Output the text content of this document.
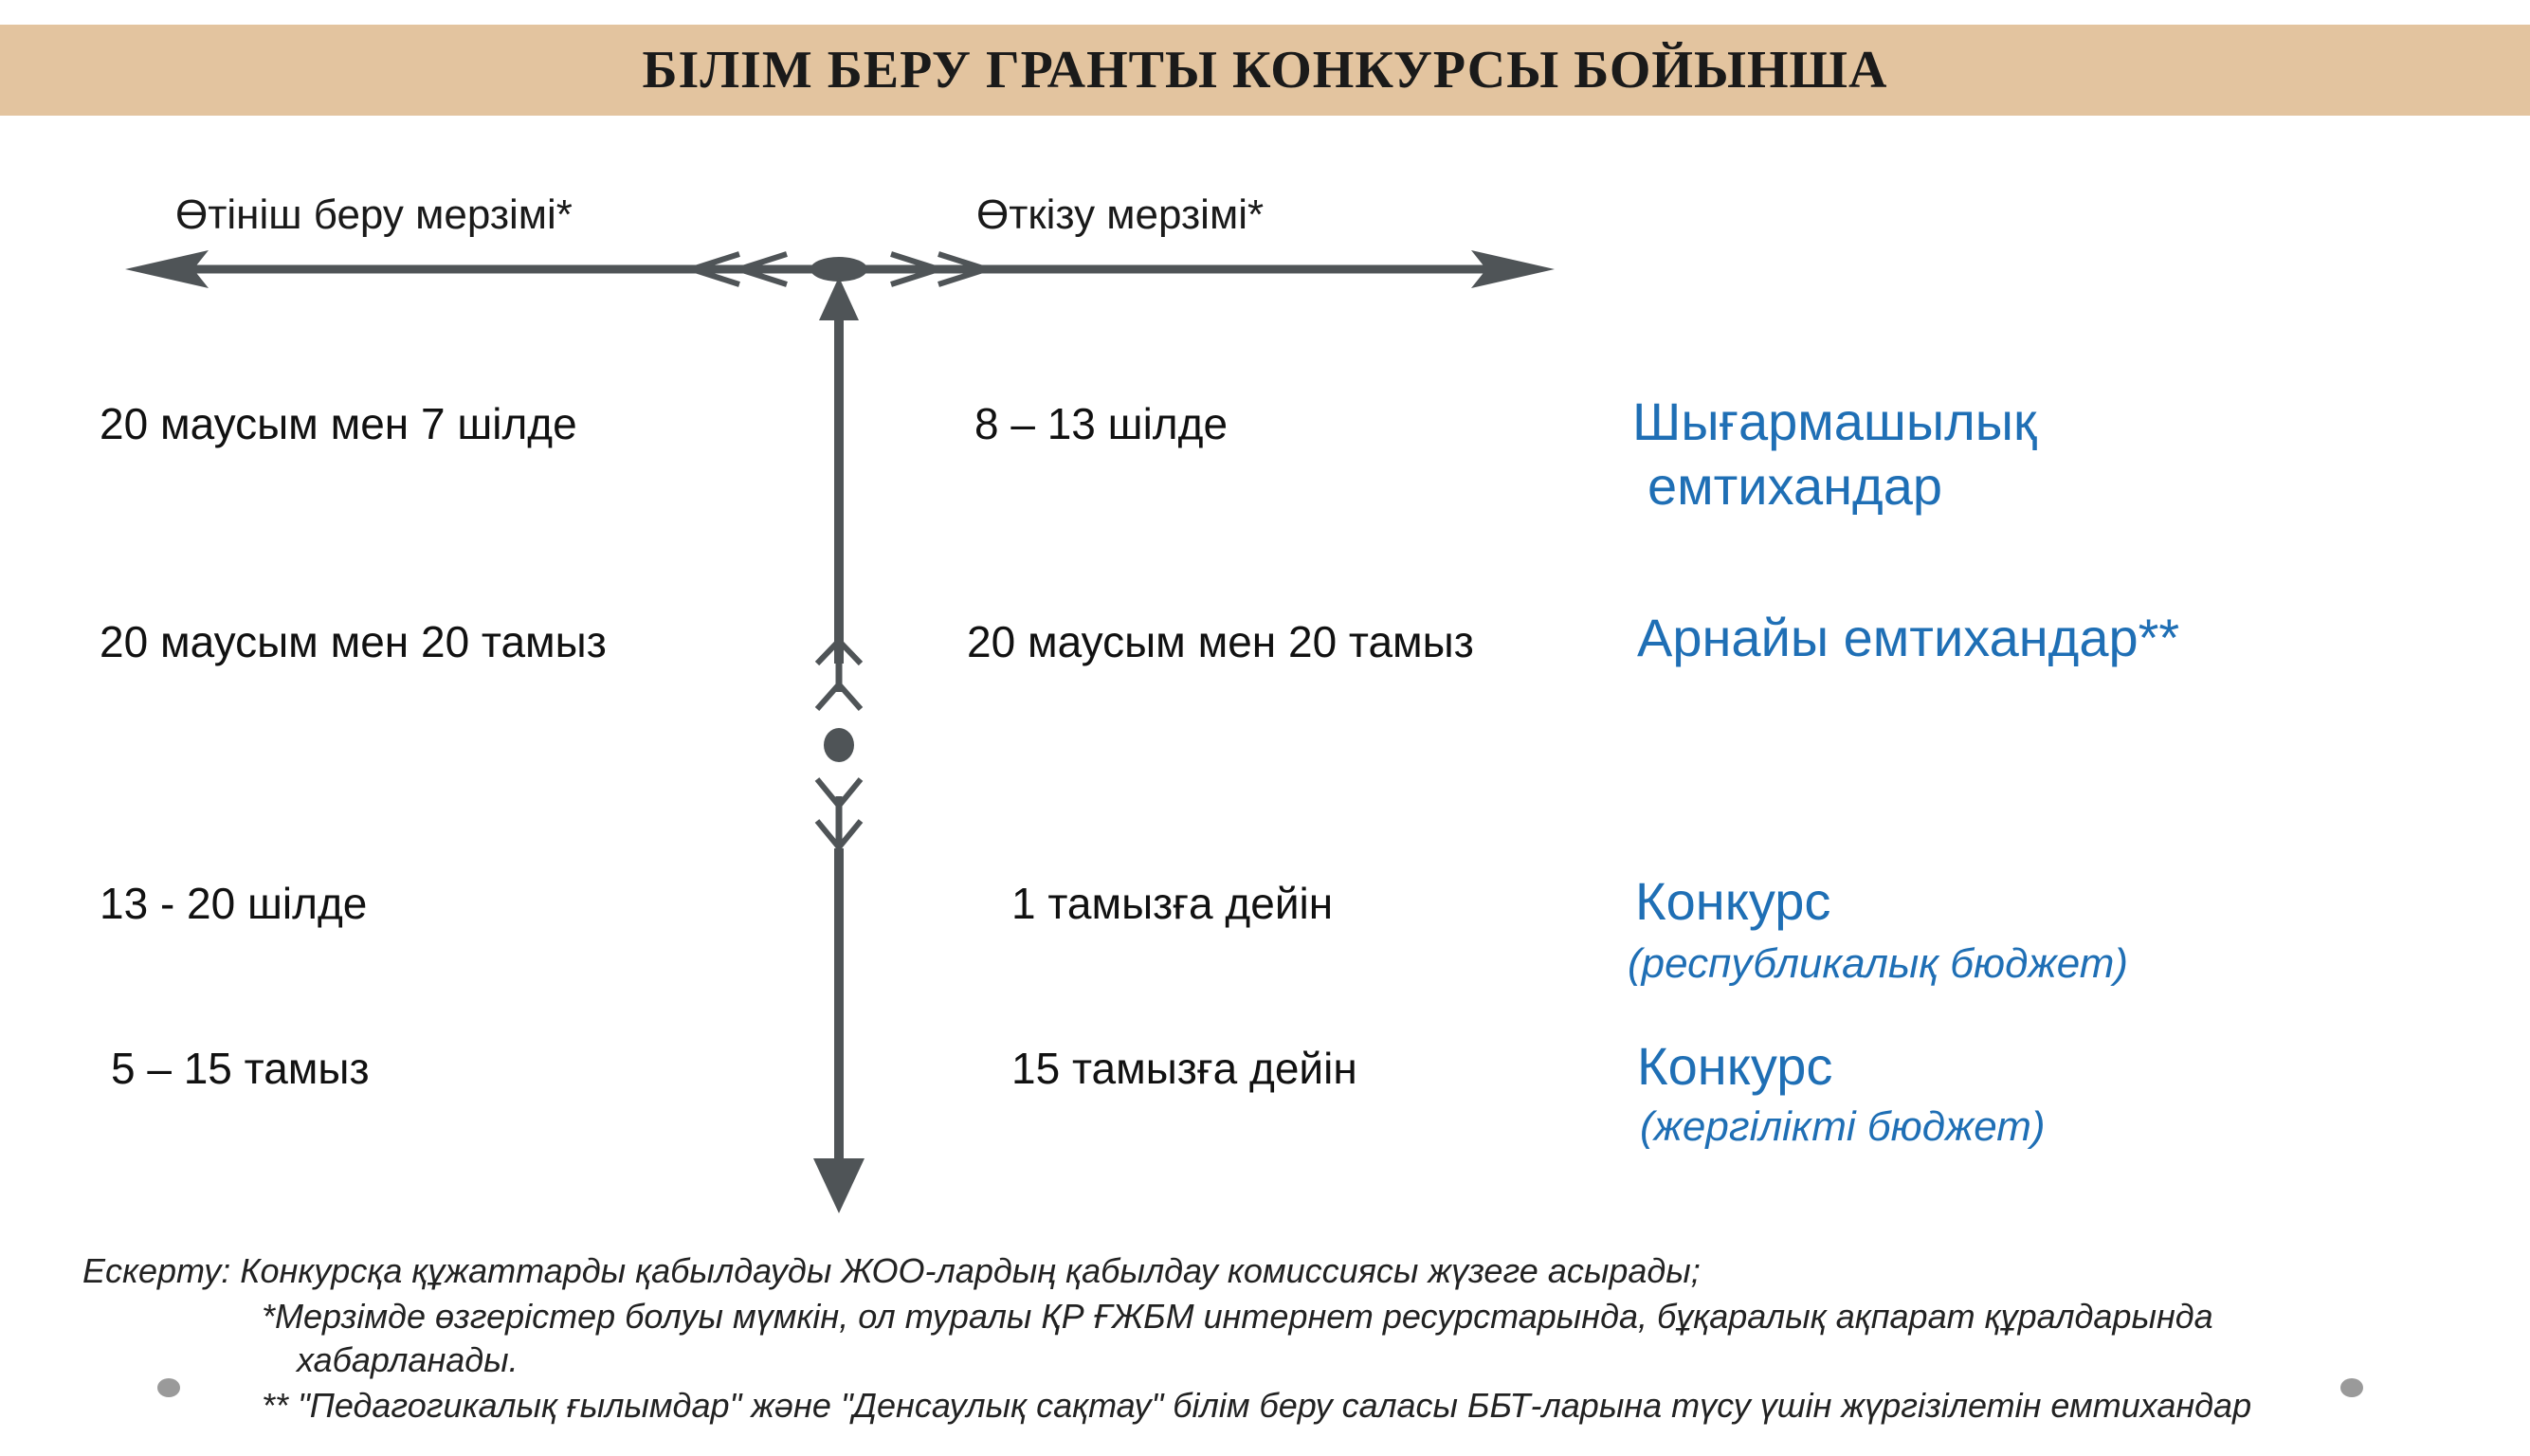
БІЛІМ БЕРУ ГРАНТЫ КОНКУРСЫ БОЙЫНША
Өтініш беру мерзімі*	Өткізу мерзімі*
20 маусым мен 7 шілде	8 – 13 шілде	Шығармашылық
емтихандар
20 маусым мен 20 тамыз	20 маусым мен 20 тамыз	Арнайы емтихандар**
13 - 20 шілде	1 тамызға дейін	Конкурс
(республикалық бюджет)
5 – 15 тамыз	15 тамызға дейін	Конкурс
(жергілікті бюджет)
Ескерту: Конкурсқа құжаттарды қабылдауды ЖОО-лардың қабылдау комиссиясы жүзеге асырады;
*Мерзімде өзгерістер болуы мүмкін, ол туралы ҚР ҒЖБМ интернет ресурстарында, бұқаралық ақпарат құралдарында
хабарланады.
** "Педагогикалық ғылымдар" және "Денсаулық сақтау" білім беру саласы ББТ-ларына түсу үшін жүргізілетін емтихандар
